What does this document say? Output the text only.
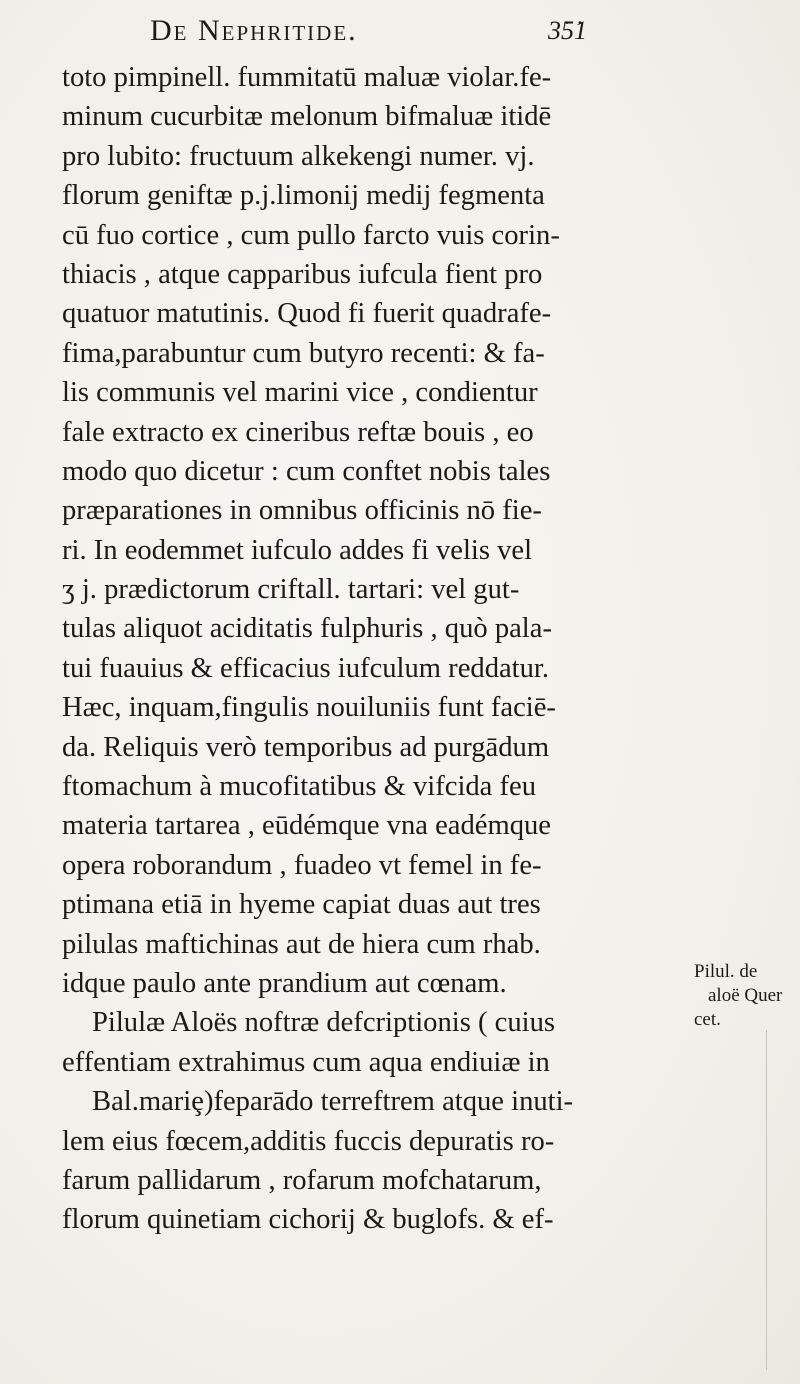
De Nephritide.	3̇5̇1
toto pimpinell. fummitatū maluæ violar.fe-
minum cucurbitæ melonum bifmaluæ itidē
pro lubito: fructuum alkekengi numer. vj.
florum geniftæ p.j.limonij medij fegmenta
cū fuo cortice , cum pullo farcto vuis corin-
thiacis , atque capparibus iufcula fient pro
quatuor matutinis. Quod fi fuerit quadrafe-
fima,parabuntur cum butyro recenti: & fa-
lis communis vel marini vice , condientur
fale extracto ex cineribus reftæ bouis , eo
modo quo dicetur : cum conftet nobis tales
præparationes in omnibus officinis nō fie-
ri. In eodemmet iufculo addes fi velis vel
ʒ j. prædictorum criftall. tartari: vel gut-
tulas aliquot aciditatis fulphuris , quò pala-
tui fuauius & efficacius iufculum reddatur.
Hæc, inquam,fingulis nouiluniis funt faciē-
da. Reliquis verò temporibus ad purgādum
ftomachum à mucofitatibus & vifcida feu
materia tartarea , eūdémque vna eadémque
opera roborandum , fuadeo vt femel in fe-
ptimana etiā in hyeme capiat duas aut tres
pilulas maftichinas aut de hiera cum rhab.
idque paulo ante prandium aut cœnam.
Pilulæ Aloës noftræ defcriptionis ( cuius
effentiam extrahimus cum aqua endiuiæ in
Bal.mariȩ)feparādo terreftrem atque inuti-
lem eius fœcem,additis fuccis depuratis ro-
farum pallidarum , rofarum mofchatarum,
florum quinetiam cichorij & buglofs. & ef-
Pilul. de
aloë Quer
cet.
